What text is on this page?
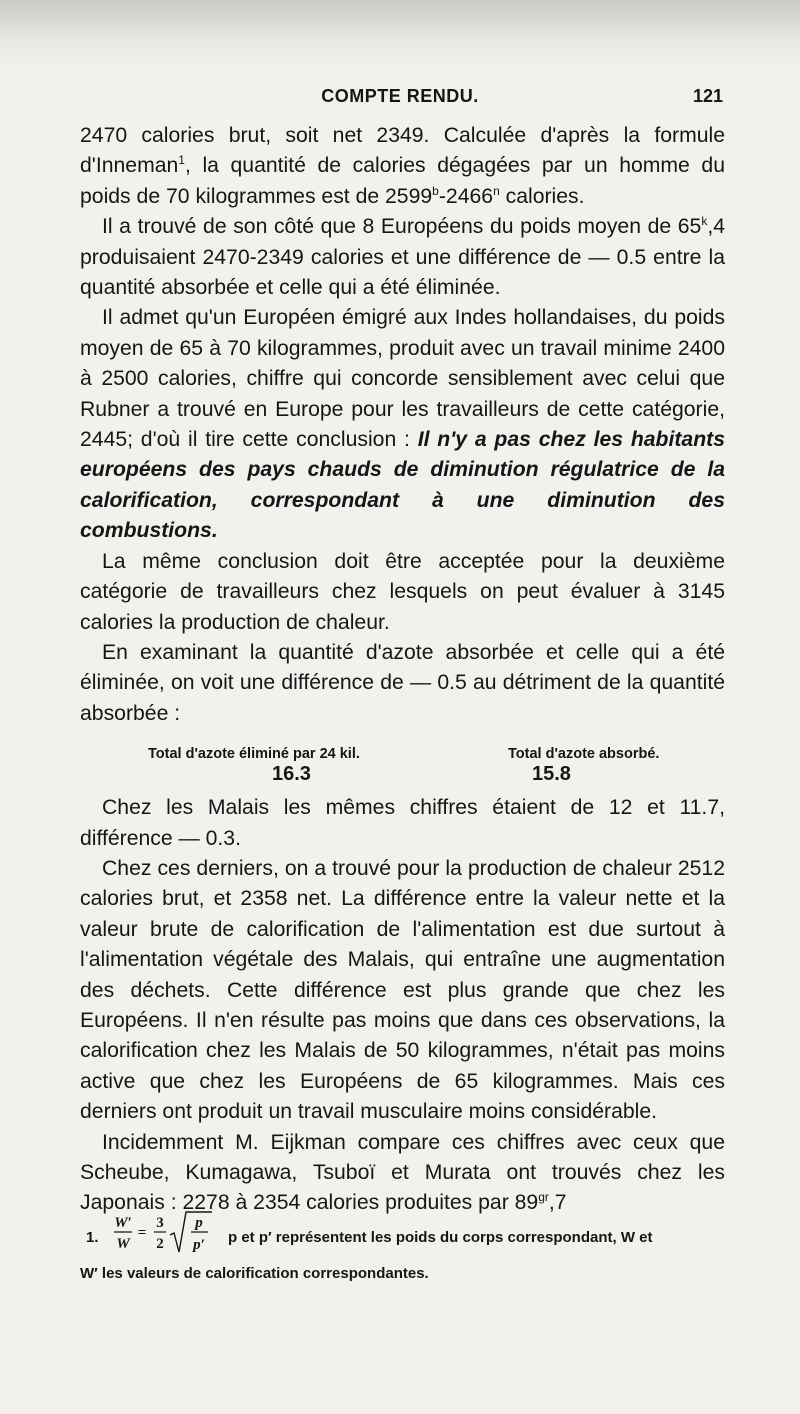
COMPTE RENDU.	121

2470 calories brut, soit net 2349. Calculée d'après la formule d'Inneman$^1$, la quantité de calories dégagées par un homme du poids de 70 kilogrammes est de 2599$^b$-2466$^n$ calories.

Il a trouvé de son côté que 8 Européens du poids moyen de 65$^k$,4 produisaient 2470-2349 calories et une différence de — 0.5 entre la quantité absorbée et celle qui a été éliminée.

Il admet qu'un Européen émigré aux Indes hollandaises, du poids moyen de 65 à 70 kilogrammes, produit avec un travail minime 2400 à 2500 calories, chiffre qui concorde sensiblement avec celui que Rubner a trouvé en Europe pour les travailleurs de cette catégorie, 2445; d'où il tire cette conclusion : Il n'y a pas chez les habitants européens des pays chauds de diminution régulatrice de la calorification, correspondant à une diminution des combustions.

La même conclusion doit être acceptée pour la deuxième catégorie de travailleurs chez lesquels on peut évaluer à 3145 calories la production de chaleur.

En examinant la quantité d'azote absorbée et celle qui a été éliminée, on voit une différence de — 0.5 au détriment de la quantité absorbée :

Total d'azote éliminé par 24 kil.
16.3
Total d'azote absorbé.
15.8

Chez les Malais les mêmes chiffres étaient de 12 et 11.7, différence — 0.3.

Chez ces derniers, on a trouvé pour la production de chaleur 2512 calories brut, et 2358 net. La différence entre la valeur nette et la valeur brute de calorification de l'alimentation est due surtout à l'alimentation végétale des Malais, qui entraîne une augmentation des déchets. Cette différence est plus grande que chez les Européens. Il n'en résulte pas moins que dans ces observations, la calorification chez les Malais de 50 kilogrammes, n'était pas moins active que chez les Européens de 65 kilogrammes. Mais ces derniers ont produit un travail musculaire moins considérable.

Incidemment M. Eijkman compare ces chiffres avec ceux que Scheube, Kumagawa, Tsuboï et Murata ont trouvés chez les Japonais : 2278 à 2354 calories produites par $89^{gr},7$

1.
W′
W
=
3
2
p
p′ p et p′ représentent les poids du corps correspondant, W et
W′ les valeurs de calorification correspondantes.
